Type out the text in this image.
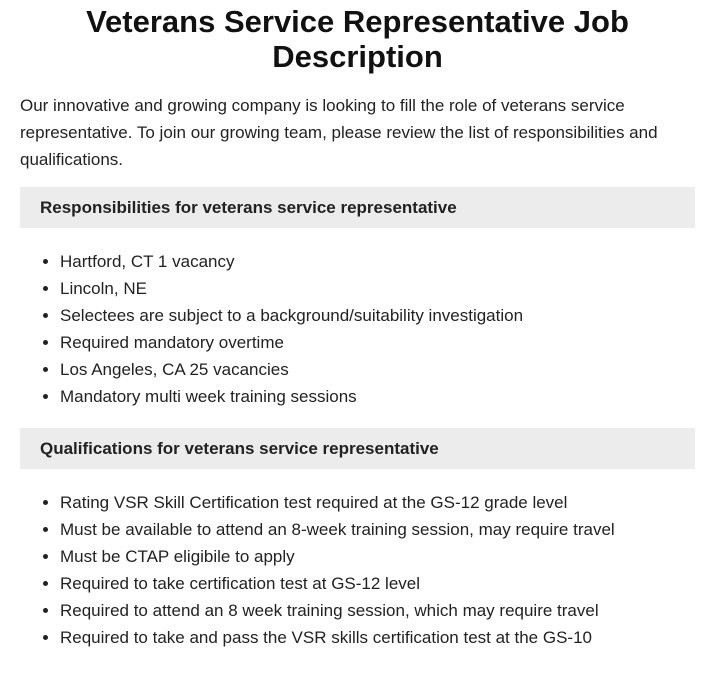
Veterans Service Representative Job Description

Our innovative and growing company is looking to fill the role of veterans service representative. To join our growing team, please review the list of responsibilities and qualifications.

Responsibilities for veterans service representative
• Hartford, CT 1 vacancy
• Lincoln, NE
• Selectees are subject to a background/suitability investigation
• Required mandatory overtime
• Los Angeles, CA 25 vacancies
• Mandatory multi week training sessions
Qualifications for veterans service representative
• Rating VSR Skill Certification test required at the GS-12 grade level
• Must be available to attend an 8-week training session, may require travel
• Must be CTAP eligibile to apply
• Required to take certification test at GS-12 level
• Required to attend an 8 week training session, which may require travel
• Required to take and pass the VSR skills certification test at the GS-10
